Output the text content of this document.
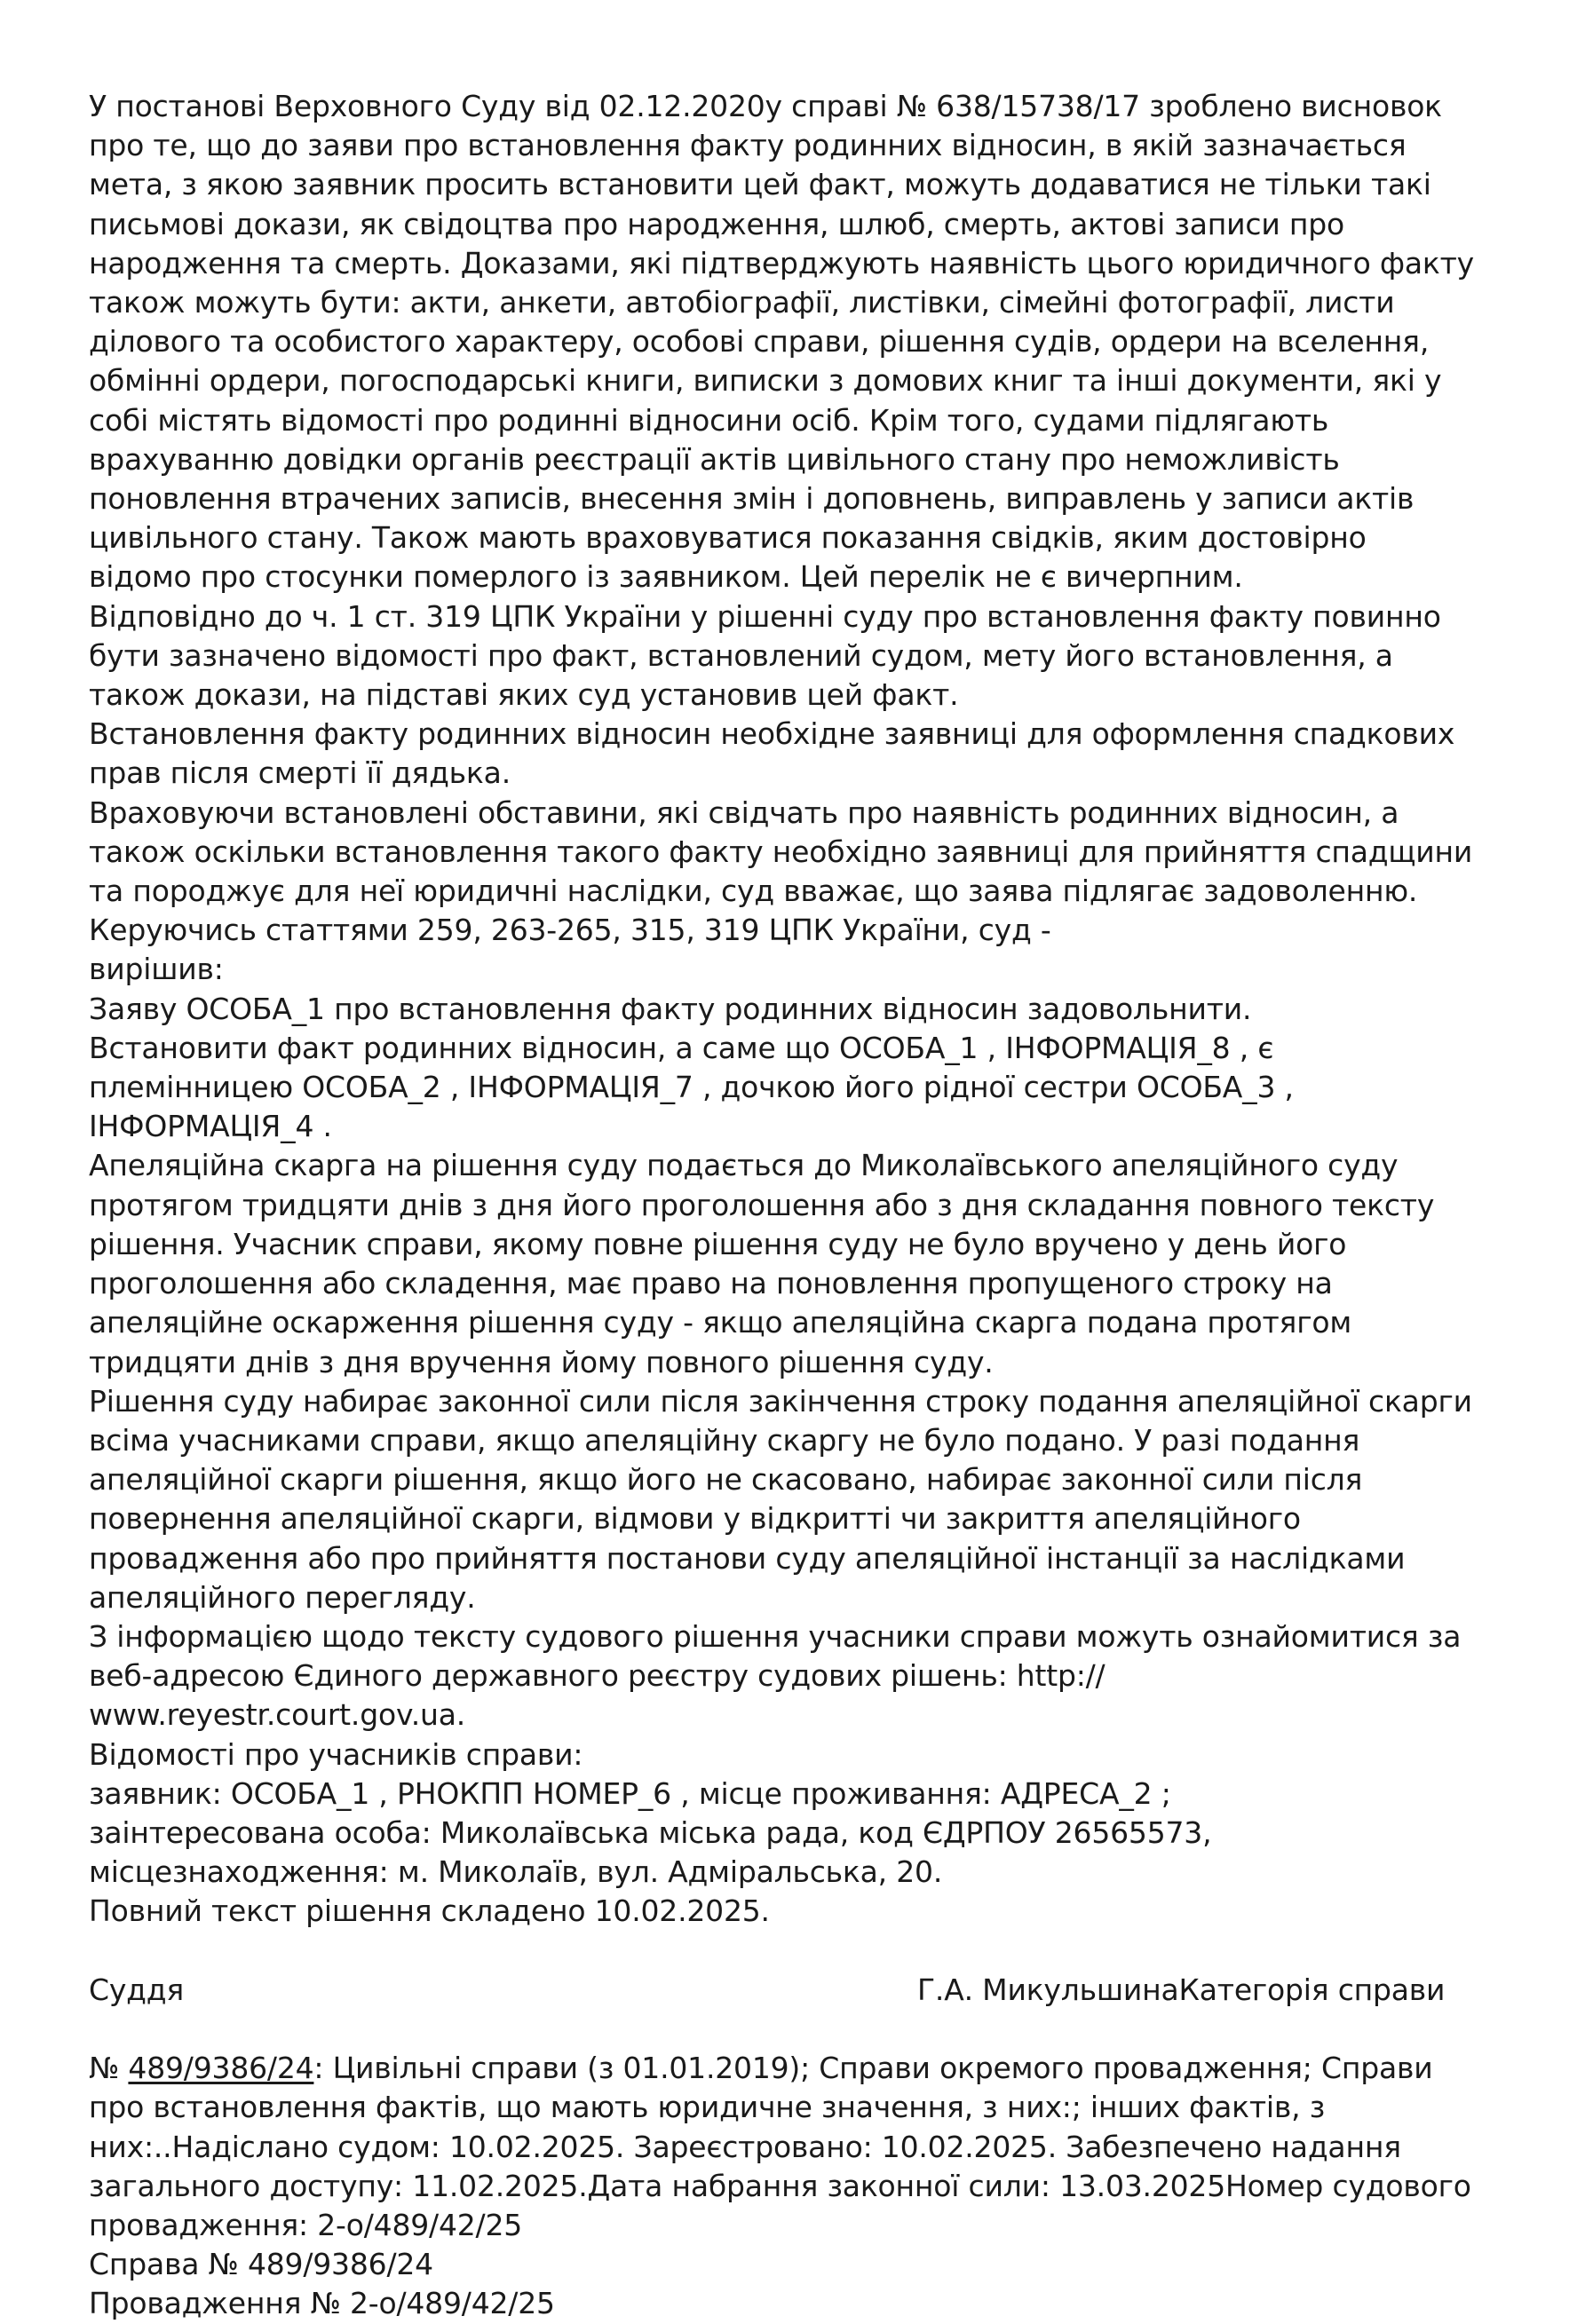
У постанові Верховного Суду від 02.12.2020у справі № 638/15738/17 зроблено висновок
про те, що до заяви про встановлення факту родинних відносин, в якій зазначається
мета, з якою заявник просить встановити цей факт, можуть додаватися не тільки такі
письмові докази, як свідоцтва про народження, шлюб, смерть, актові записи про
народження та смерть. Доказами, які підтверджують наявність цього юридичного факту
також можуть бути: акти, анкети, автобіографії, листівки, сімейні фотографії, листи
ділового та особистого характеру, особові справи, рішення судів, ордери на вселення,
обмінні ордери, погосподарські книги, виписки з домових книг та інші документи, які у
собі містять відомості про родинні відносини осіб. Крім того, судами підлягають
врахуванню довідки органів реєстрації актів цивільного стану про неможливість
поновлення втрачених записів, внесення змін і доповнень, виправлень у записи актів
цивільного стану. Також мають враховуватися показання свідків, яким достовірно
відомо про стосунки померлого із заявником. Цей перелік не є вичерпним.
Відповідно до ч. 1 ст. 319 ЦПК України у рішенні суду про встановлення факту повинно
бути зазначено відомості про факт, встановлений судом, мету його встановлення, а
також докази, на підставі яких суд установив цей факт.
Встановлення факту родинних відносин необхідне заявниці для оформлення спадкових
прав після смерті її дядька.
Враховуючи встановлені обставини, які свідчать про наявність родинних відносин, а
також оскільки встановлення такого факту необхідно заявниці для прийняття спадщини
та породжує для неї юридичні наслідки, суд вважає, що заява підлягає задоволенню.
Керуючись статтями 259, 263-265, 315, 319 ЦПК України, суд -
вирішив:
Заяву ОСОБА_1 про встановлення факту родинних відносин задовольнити.
Встановити факт родинних відносин, а саме що ОСОБА_1 , ІНФОРМАЦІЯ_8 , є
племінницею ОСОБА_2 , ІНФОРМАЦІЯ_7 , дочкою його рідної сестри ОСОБА_3 ,
ІНФОРМАЦІЯ_4 .
Апеляційна скарга на рішення суду подається до Миколаївського апеляційного суду
протягом тридцяти днів з дня його проголошення або з дня складання повного тексту
рішення. Учасник справи, якому повне рішення суду не було вручено у день його
проголошення або складення, має право на поновлення пропущеного строку на
апеляційне оскарження рішення суду - якщо апеляційна скарга подана протягом
тридцяти днів з дня вручення йому повного рішення суду.
Рішення суду набирає законної сили після закінчення строку подання апеляційної скарги
всіма учасниками справи, якщо апеляційну скаргу не було подано. У разі подання
апеляційної скарги рішення, якщо його не скасовано, набирає законної сили після
повернення апеляційної скарги, відмови у відкритті чи закриття апеляційного
провадження або про прийняття постанови суду апеляційної інстанції за наслідками
апеляційного перегляду.
З інформацією щодо тексту судового рішення учасники справи можуть ознайомитися за
веб-адресою Єдиного державного реєстру судових рішень: http://
www.reyestr.court.gov.ua.
Відомості про учасників справи:
заявник: ОСОБА_1 , РНОКПП НОМЕР_6 , місце проживання: АДРЕСА_2 ;
заінтересована особа: Миколаївська міська рада, код ЄДРПОУ 26565573,
місцезнаходження: м. Миколаїв, вул. Адміральська, 20.
Повний текст рішення складено 10.02.2025.

Суддя	Г.А. МикульшинаКатегорія справи

№ 489/9386/24: Цивільні справи (з 01.01.2019); Справи окремого провадження; Справи
про встановлення фактів, що мають юридичне значення, з них:; інших фактів, з
них:..Надіслано судом: 10.02.2025. Зареєстровано: 10.02.2025. Забезпечено надання
загального доступу: 11.02.2025.Дата набрання законної сили: 13.03.2025Номер судового
провадження: 2-о/489/42/25
Справа № 489/9386/24
Провадження № 2-о/489/42/25
